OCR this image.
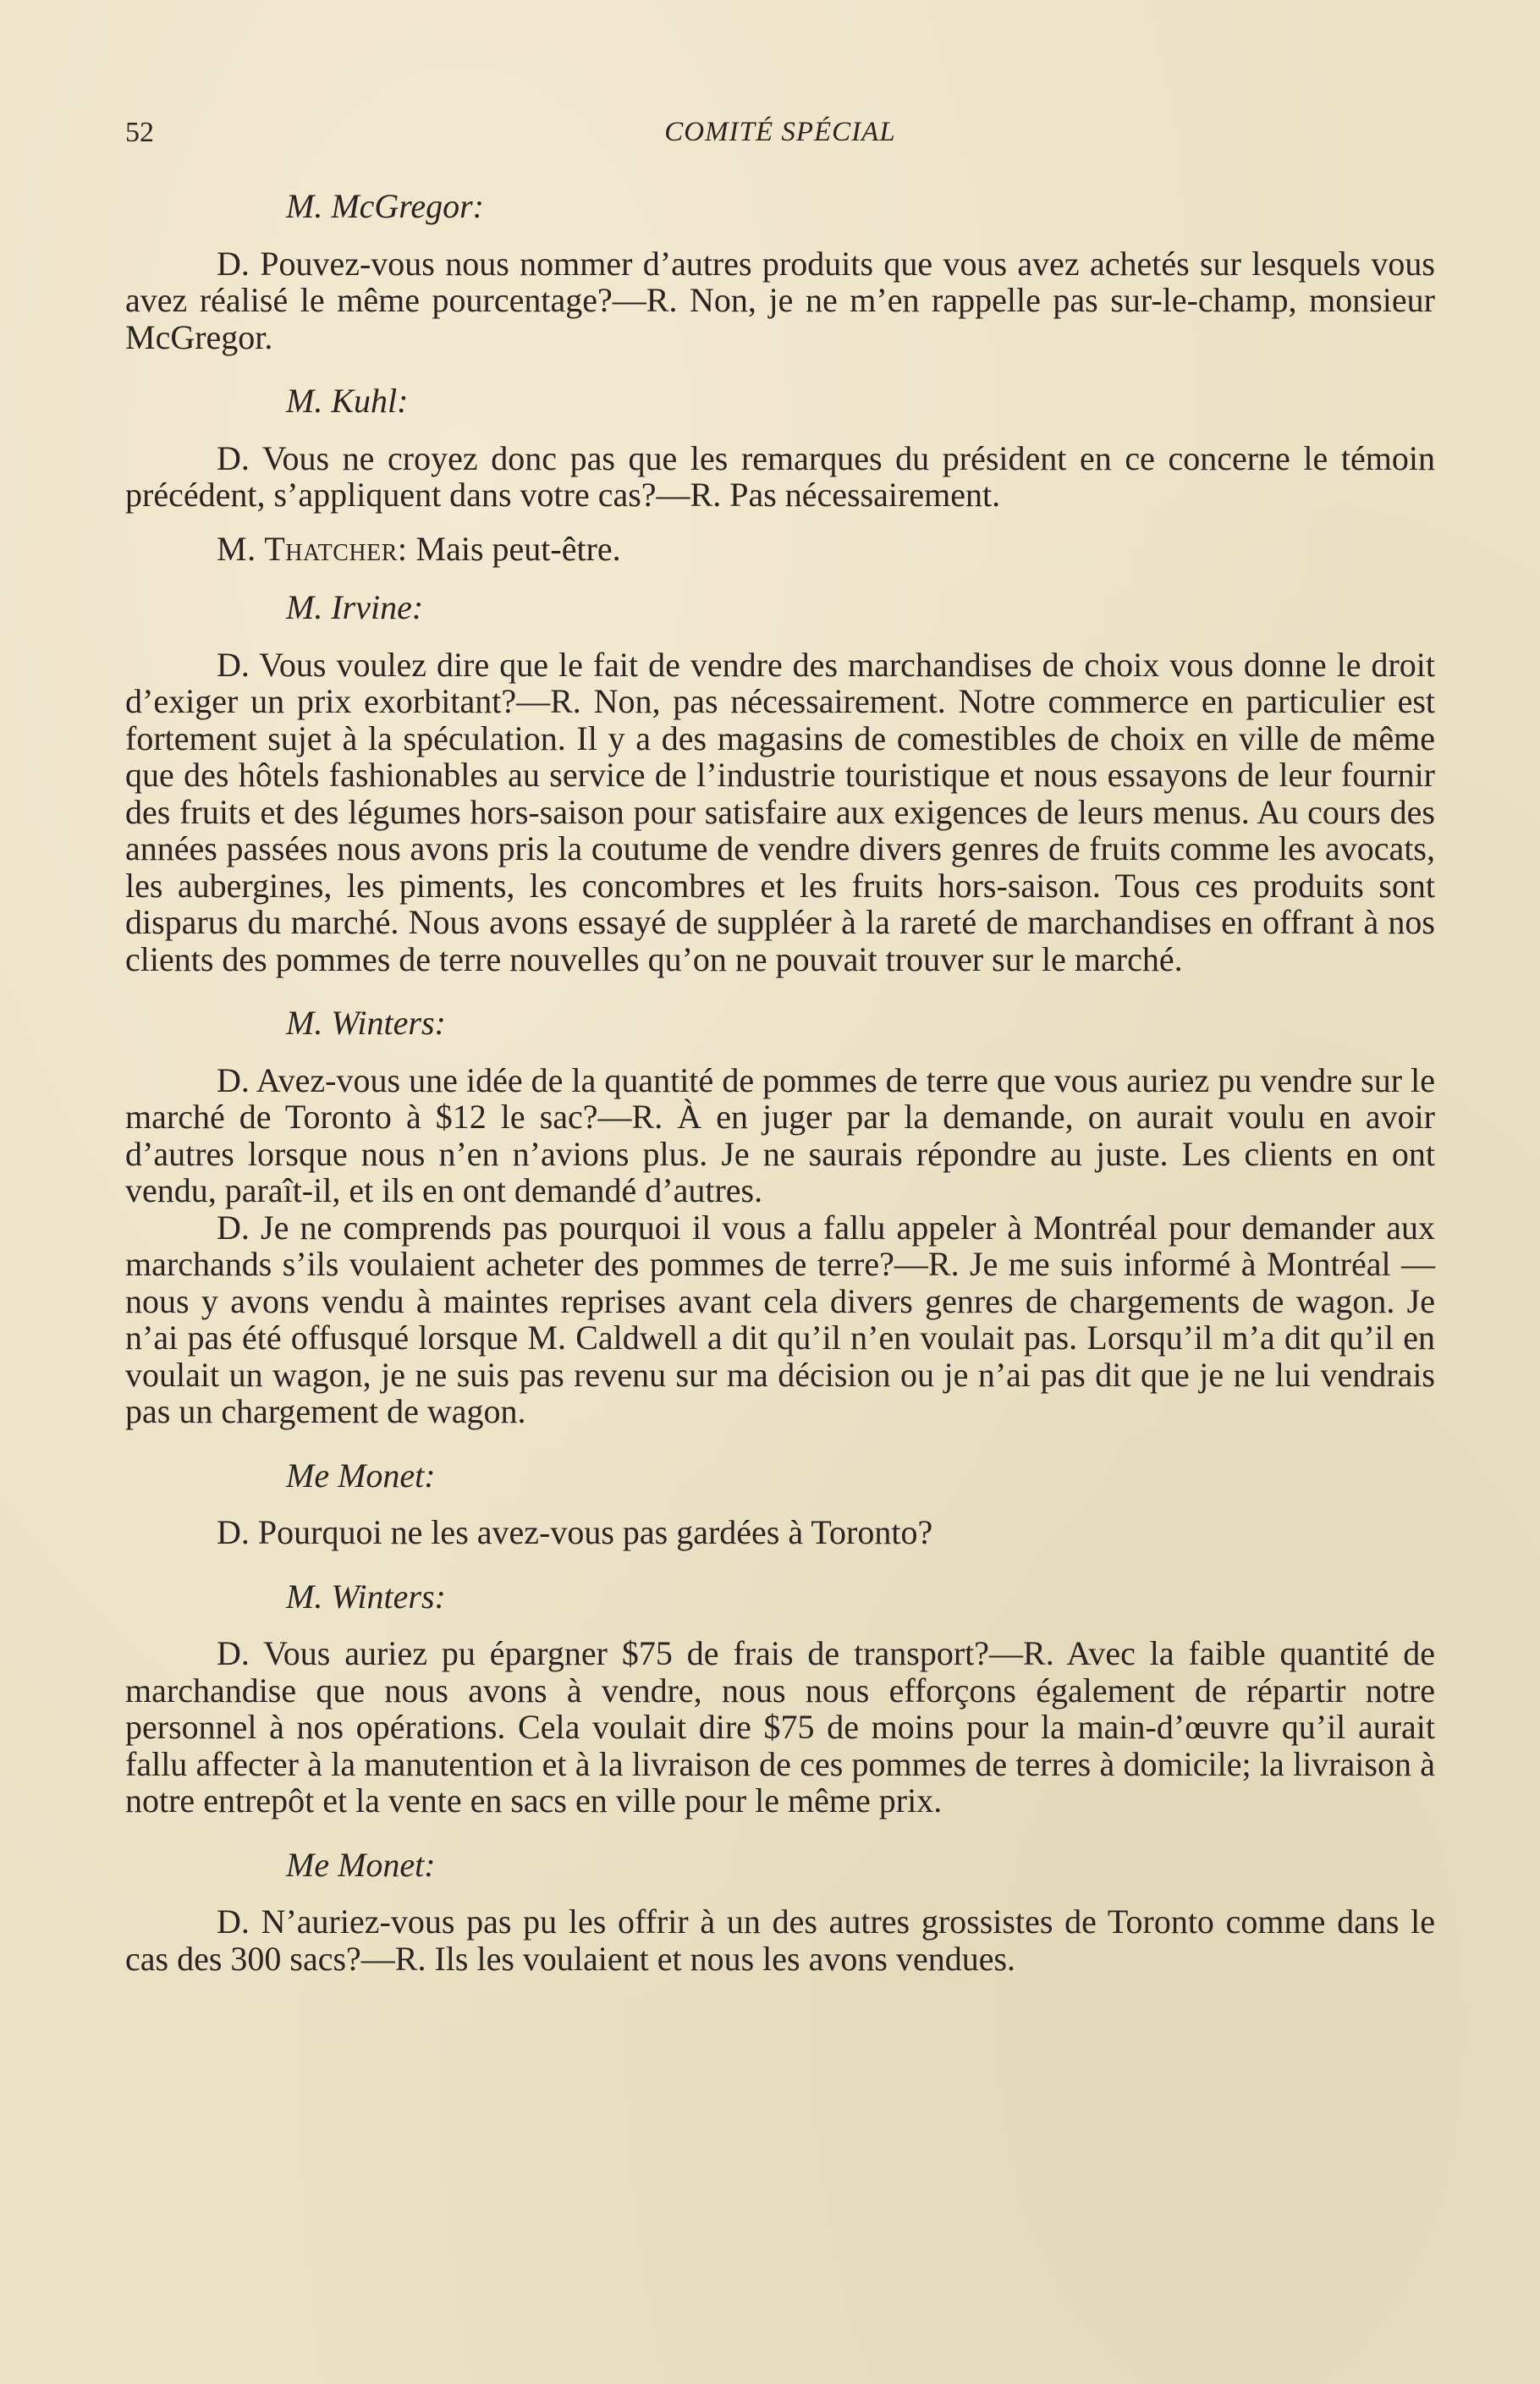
52	COMITÉ SPÉCIAL

M. McGregor:

D. Pouvez-vous nous nommer d’autres produits que vous avez achetés sur lesquels vous avez réalisé le même pourcentage?—R. Non, je ne m’en rappelle pas sur-le-champ, monsieur McGregor.

M. Kuhl:

D. Vous ne croyez donc pas que les remarques du président en ce concerne le témoin précédent, s’appliquent dans votre cas?—R. Pas nécessairement.

M. Thatcher: Mais peut-être.

M. Irvine:

D. Vous voulez dire que le fait de vendre des marchandises de choix vous donne le droit d’exiger un prix exorbitant?—R. Non, pas nécessairement. Notre commerce en particulier est fortement sujet à la spéculation. Il y a des magasins de comestibles de choix en ville de même que des hôtels fashionables au service de l’industrie touristique et nous essayons de leur fournir des fruits et des légumes hors-saison pour satisfaire aux exigences de leurs menus. Au cours des années passées nous avons pris la coutume de vendre divers genres de fruits comme les avocats, les aubergines, les piments, les concombres et les fruits hors-saison. Tous ces produits sont disparus du marché. Nous avons essayé de suppléer à la rareté de marchandises en offrant à nos clients des pommes de terre nouvelles qu’on ne pouvait trouver sur le marché.

M. Winters:

D. Avez-vous une idée de la quantité de pommes de terre que vous auriez pu vendre sur le marché de Toronto à $12 le sac?—R. À en juger par la demande, on aurait voulu en avoir d’autres lorsque nous n’en n’avions plus. Je ne saurais répondre au juste. Les clients en ont vendu, paraît-il, et ils en ont demandé d’autres.

D. Je ne comprends pas pourquoi il vous a fallu appeler à Montréal pour demander aux marchands s’ils voulaient acheter des pommes de terre?—R. Je me suis informé à Montréal — nous y avons vendu à maintes reprises avant cela divers genres de chargements de wagon. Je n’ai pas été offusqué lorsque M. Caldwell a dit qu’il n’en voulait pas. Lorsqu’il m’a dit qu’il en voulait un wagon, je ne suis pas revenu sur ma décision ou je n’ai pas dit que je ne lui vendrais pas un chargement de wagon.

Me Monet:

D. Pourquoi ne les avez-vous pas gardées à Toronto?

M. Winters:

D. Vous auriez pu épargner $75 de frais de transport?—R. Avec la faible quantité de marchandise que nous avons à vendre, nous nous efforçons également de répartir notre personnel à nos opérations. Cela voulait dire $75 de moins pour la main-d’œuvre qu’il aurait fallu affecter à la manutention et à la livraison de ces pommes de terres à domicile; la livraison à notre entrepôt et la vente en sacs en ville pour le même prix.

Me Monet:

D. N’auriez-vous pas pu les offrir à un des autres grossistes de Toronto comme dans le cas des 300 sacs?—R. Ils les voulaient et nous les avons vendues.
